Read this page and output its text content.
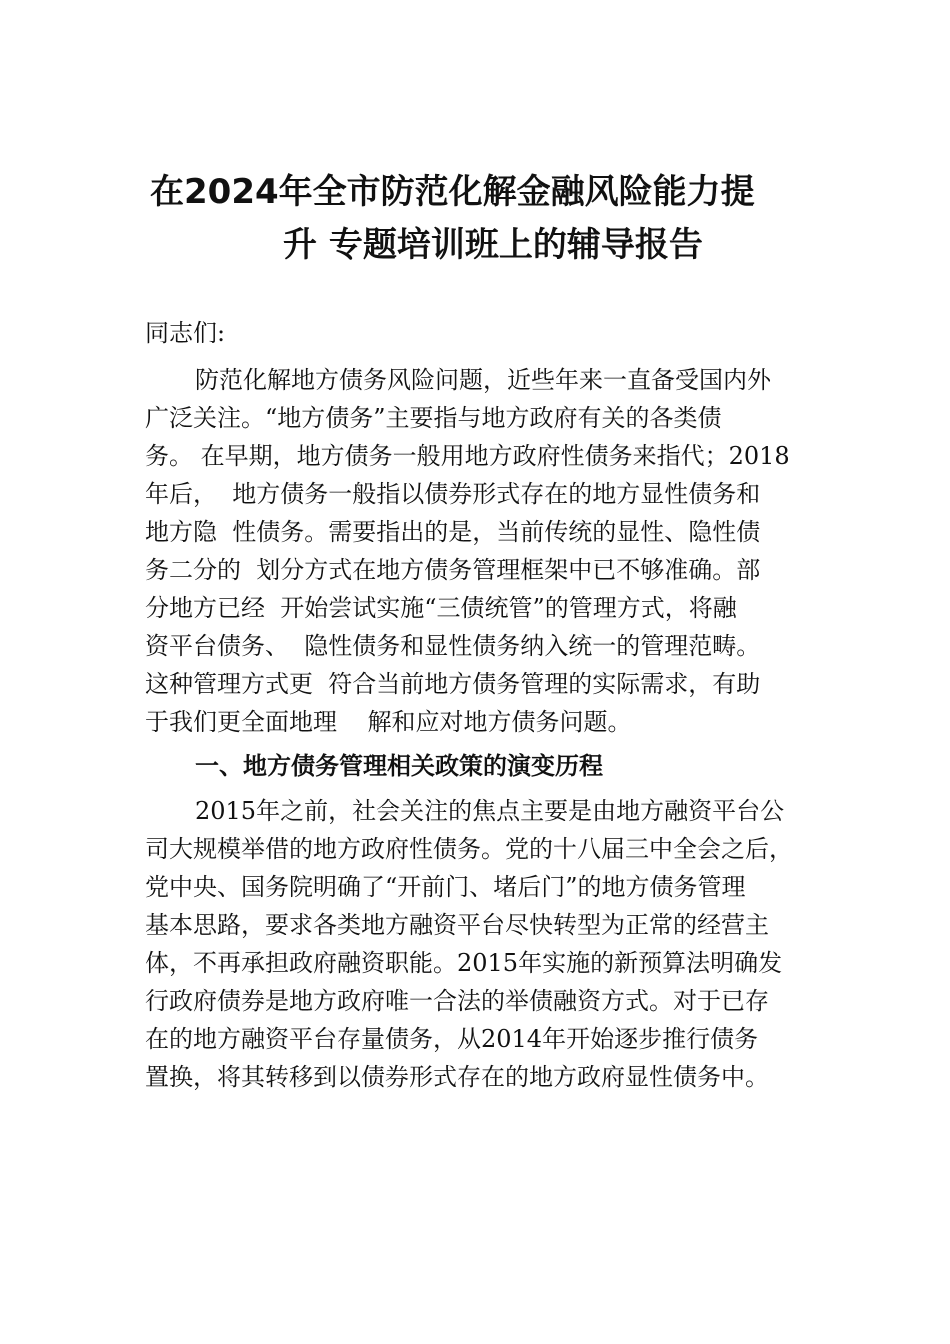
在2024年全市防范化解金融风险能力提
升 专题培训班上的辅导报告

同志们:

防范化解地方债务风险问题，近些年来一直备受国内外

广泛关注。“地方债务”主要指与地方政府有关的各类债

务。 在早期，地方债务一般用地方政府性债务来指代；2018

年后，  地方债务一般指以债券形式存在的地方显性债务和

地方隐  性债务。需要指出的是，当前传统的显性、隐性债

务二分的  划分方式在地方债务管理框架中已不够准确。部

分地方已经  开始尝试实施“三债统管”的管理方式，将融

资平台债务、  隐性债务和显性债务纳入统一的管理范畴。

这种管理方式更  符合当前地方债务管理的实际需求，有助

于我们更全面地理    解和应对地方债务问题。

一、地方债务管理相关政策的演变历程

2015年之前，社会关注的焦点主要是由地方融资平台公

司大规模举借的地方政府性债务。党的十八届三中全会之后，

党中央、国务院明确了“开前门、堵后门”的地方债务管理

基本思路，要求各类地方融资平台尽快转型为正常的经营主

体，不再承担政府融资职能。2015年实施的新预算法明确发

行政府债券是地方政府唯一合法的举债融资方式。对于已存

在的地方融资平台存量债务，从2014年开始逐步推行债务

置换，将其转移到以债券形式存在的地方政府显性债务中。
